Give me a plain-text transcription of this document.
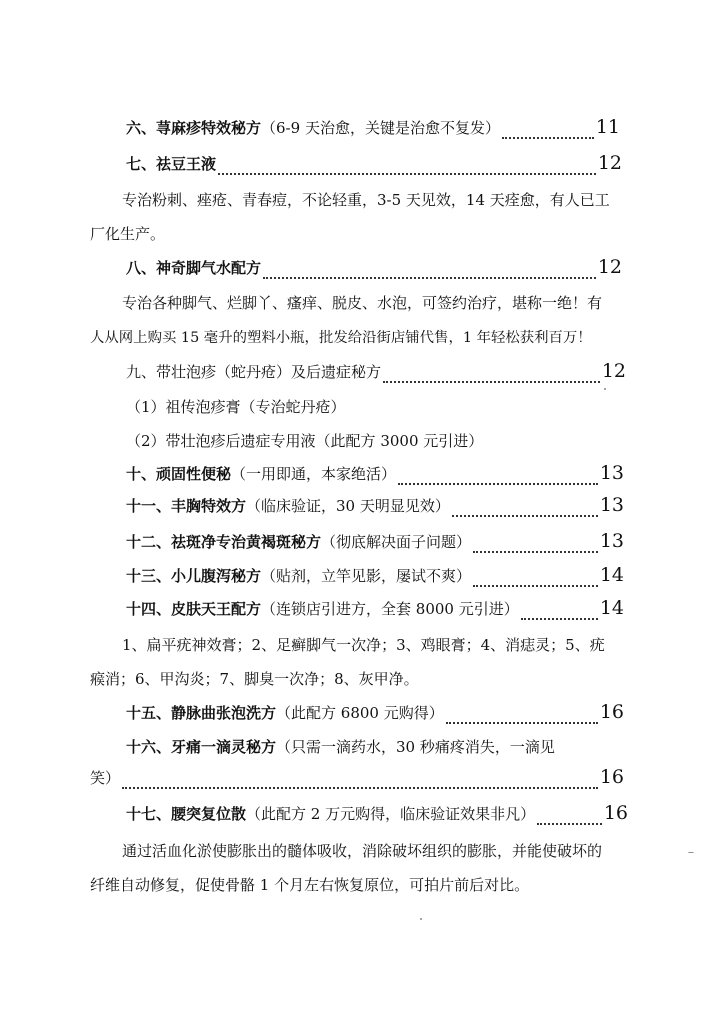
六、荨麻疹特效秘方 （6-9 天治愈，关键是治愈不复发）	11
七、祛豆王液	12
专治粉刺、痤疮、青春痘，不论轻重，3-5 天见效，14 天痊愈，有人已工
厂化生产。
八、神奇脚气水配方	12
专治各种脚气、烂脚丫、瘙痒、脱皮、水泡，可签约治疗，堪称一绝！有
人从网上购买 15 毫升的塑料小瓶，批发给沿街店铺代售，1 年轻松获利百万！
九、带壮泡疹（蛇丹疮）及后遗症秘方	12
（1）祖传泡疹膏（专治蛇丹疮）
（2）带壮泡疹后遗症专用液（此配方 3000 元引进）
十、顽固性便秘 （一用即通，本家绝活）	13
十一、丰胸特效方 （临床验证，30 天明显见效）	13
十二、祛斑净专治黄褐斑秘方 （彻底解决面子问题）	13
十三、小儿腹泻秘方 （贴剂，立竿见影，屡试不爽）	14
十四、皮肤天王配方 （连锁店引进方，全套 8000 元引进）	14
1、扁平疣神效膏；2、足癣脚气一次净；3、鸡眼膏；4、消痣灵；5、疣
瘊消；6、甲沟炎；7、脚臭一次净；8、灰甲净。
十五、静脉曲张泡洗方 （此配方 6800 元购得）	16
十六、牙痛一滴灵秘方 （只需一滴药水，30 秒痛疼消失，一滴见
笑）	16
十七、腰突复位散 （此配方 2 万元购得，临床验证效果非凡）	16
通过活血化淤使膨胀出的髓体吸收，消除破坏组织的膨胀，并能使破坏的
纤维自动修复，促使骨骼 1 个月左右恢复原位，可拍片前后对比。
